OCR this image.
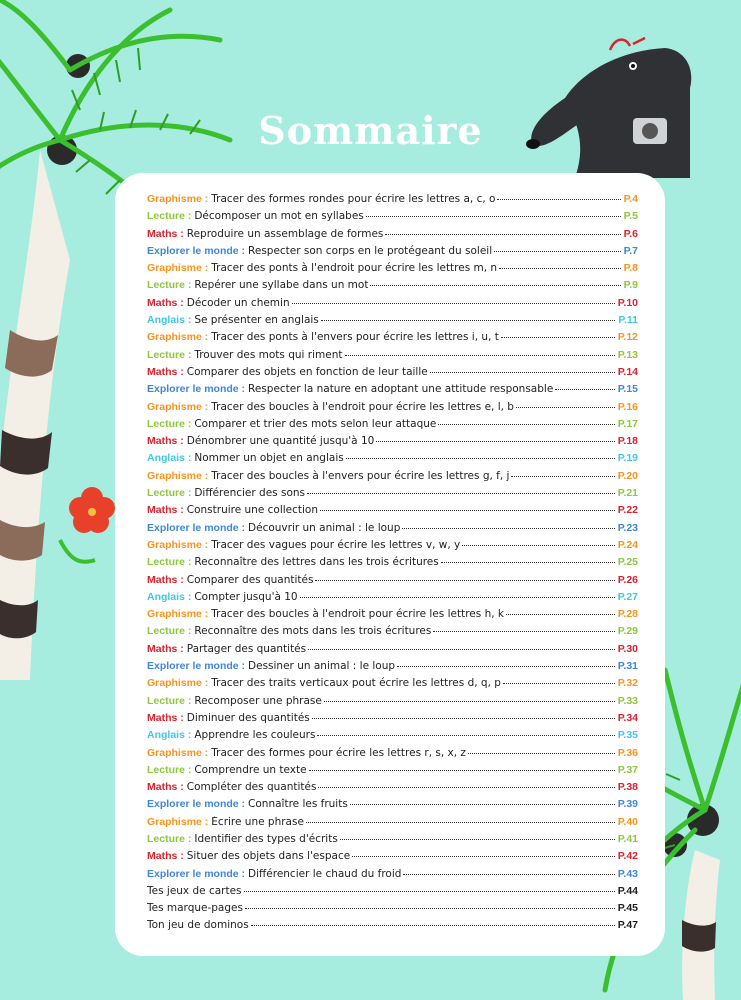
Sommaire
Graphisme : Tracer des formes rondes pour écrire les lettres a, c, o	P.4
Lecture : Décomposer un mot en syllabes	P.5
Maths : Reproduire un assemblage de formes	P.6
Explorer le monde : Respecter son corps en le protégeant du soleil	P.7
Graphisme : Tracer des ponts à l'endroit pour écrire les lettres m, n	P.8
Lecture : Repérer une syllabe dans un mot	P.9
Maths : Décoder un chemin	P.10
Anglais : Se présenter en anglais	P.11
Graphisme : Tracer des ponts à l'envers pour écrire les lettres i, u, t	P.12
Lecture : Trouver des mots qui riment	P.13
Maths : Comparer des objets en fonction de leur taille	P.14
Explorer le monde : Respecter la nature en adoptant une attitude responsable	P.15
Graphisme : Tracer des boucles à l'endroit pour écrire les lettres e, l, b	P.16
Lecture : Comparer et trier des mots selon leur attaque	P.17
Maths : Dénombrer une quantité jusqu'à 10	P.18
Anglais : Nommer un objet en anglais	P.19
Graphisme : Tracer des boucles à l'envers pour écrire les lettres g, f, j	P.20
Lecture : Différencier des sons	P.21
Maths : Construire une collection	P.22
Explorer le monde : Découvrir un animal : le loup	P.23
Graphisme : Tracer des vagues pour écrire les lettres v, w, y	P.24
Lecture : Reconnaître des lettres dans les trois écritures	P.25
Maths : Comparer des quantités	P.26
Anglais : Compter jusqu'à 10	P.27
Graphisme : Tracer des boucles à l'endroit pour écrire les lettres h, k	P.28
Lecture : Reconnaître des mots dans les trois écritures	P.29
Maths : Partager des quantités	P.30
Explorer le monde : Dessiner un animal : le loup	P.31
Graphisme : Tracer des traits verticaux pout écrire les lettres d, q, p	P.32
Lecture : Recomposer une phrase	P.33
Maths : Diminuer des quantités	P.34
Anglais : Apprendre les couleurs	P.35
Graphisme : Tracer des formes pour écrire les lettres r, s, x, z	P.36
Lecture : Comprendre un texte	P.37
Maths : Compléter des quantités	P.38
Explorer le monde : Connaître les fruits	P.39
Graphisme : Écrire une phrase	P.40
Lecture : Identifier des types d'écrits	P.41
Maths : Situer des objets dans l'espace	P.42
Explorer le monde : Différencier le chaud du froid	P.43
Tes jeux de cartes	P.44
Tes marque-pages	P.45
Ton jeu de dominos	P.47
